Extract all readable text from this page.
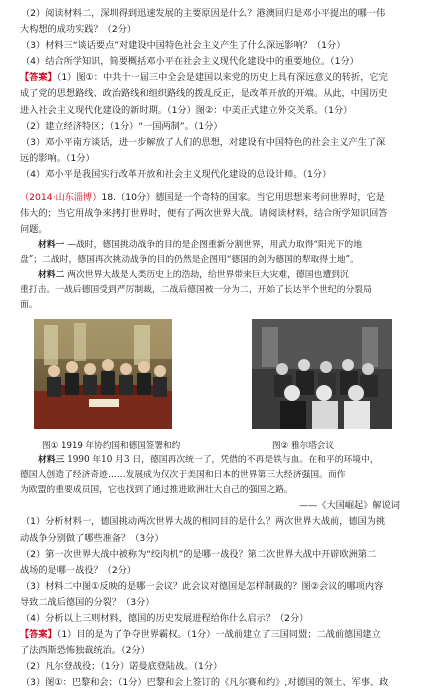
（2）阅读材料二，深圳得到迅速发展的主要原因是什么？港澳回归是邓小平提出的哪一伟
大构想的成功实践？（2分）
（3）材料三“谈话要点”对建设中国特色社会主义产生了什么深远影响？（1分）
（4）结合所学知识，简要概括邓小平在社会主义现代化建设中的重要地位。（1分）
【答案】（1）图①：中共十一届三中全会是建国以来党的历史上具有深远意义的转折，它完
成了党的思想路线、政治路线和组织路线的拨乱反正，是改革开放的开端。从此，中国历史
进入社会主义现代化建设的新时期。（1分）图②：中美正式建立外交关系。（1分）
（2）建立经济特区；（1分）“一国两制”。（1分）
（3）邓小平南方谈话，进一步解放了人们的思想，对建设有中国特色的社会主义产生了深
远的影响。（1分）
（4）邓小平是我国实行改革开放和社会主义现代化建设的总设计师。（1分）
（2014·山东淄博）18.（10分）德国是一个奇特的国家。当它用思想来考问世界时，它是
伟大的；当它用战争来拷打世界时，便有了两次世界大战。请阅读材料，结合所学知识回答
问题。
材料一 —战时，德国挑动战争的目的是企图重新分割世界，用武力取得“阳光下的地
盘”；二战时，德国再次挑动战争的目的仍然是企图用“德国的剑为德国的犁取得土地”。
材料二 两次世界大战是人类历史上的浩劫，给世界带来巨大灾难，德国也遭到沉
重打击。一战后德国受到严厉制裁，二战后德国被一分为二，开始了长达半个世纪的分裂局
面。
图① 1919 年协约国和德国签署和约	图② 雅尔塔会议
材料三 1990 年10 月3 日，德国再次统一了，凭借的不再是铁与血。在和平的环境中，
德国人创造了经济奇迹……发展成为仅次于美国和日本的世界第三大经济强国。而作
为欧盟的重要成员国，它也找到了通过推进欧洲壮大自己的强国之路。
——《大国崛起》解说词
（1）分析材料一，德国挑动两次世界大战的相同目的是什么？两次世界大战前，德国为挑
动战争分别做了哪些准备？（3分）
（2）第一次世界大战中被称为“绞肉机”的是哪一战役？第二次世界大战中开辟欧洲第二
战场的是哪一战役？（2分）
（3）材料二中图①反映的是哪一会议？此会议对德国是怎样制裁的？图②会议的哪项内容
导致二战后德国的分裂？（3分）
（4）分析以上三则材料，德国的历史发展进程给你什么启示？（2分）
【答案】（1）目的是为了争夺世界霸权。（1分）一战前建立了三国同盟；二战前德国建立
了法西斯恐怖独裁统治。（2分）
（2）凡尔登战役；（1分）诺曼底登陆战。（1分）
（3）图①：巴黎和会；（1分）巴黎和会上签订的《凡尔赛和约》,对德国的领土、军事、政
